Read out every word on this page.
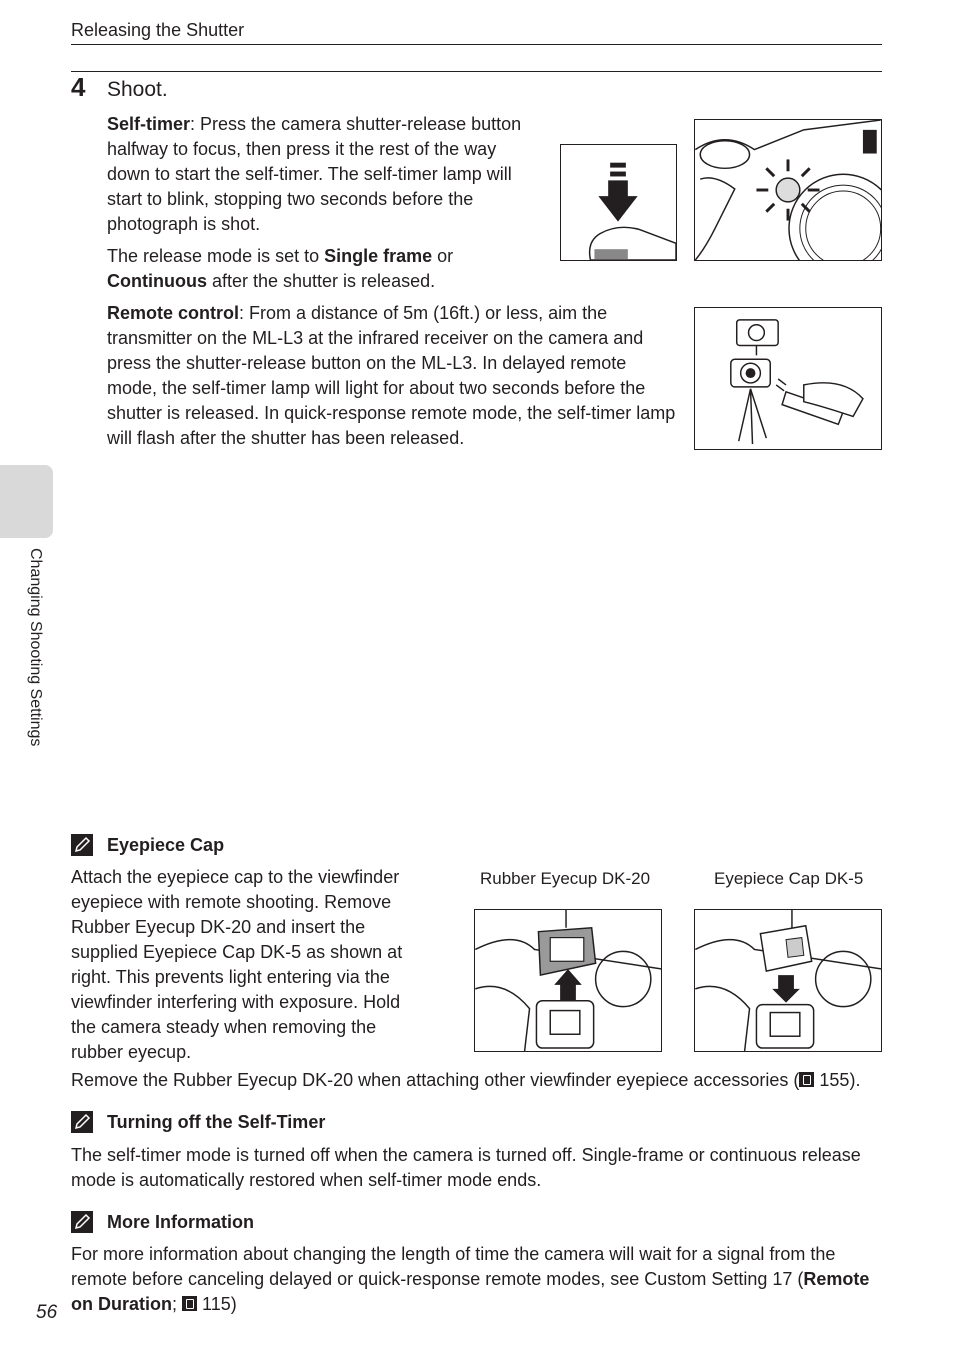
Releasing the Shutter
4 Shoot.
Self-timer: Press the camera shutter-release button halfway to focus, then press it the rest of the way down to start the self-timer. The self-timer lamp will start to blink, stopping two seconds before the photograph is shot.
The release mode is set to Single frame or
Continuous after the shutter is released.
Remote control: From a distance of 5m (16ft.) or less, aim the transmitter on the ML-L3 at the infrared receiver on the camera and press the shutter-release button on the ML-L3. In delayed remote mode, the self-timer lamp will light for about two seconds before the shutter is released. In quick-response remote mode, the self-timer lamp will flash after the shutter has been released.
Changing Shooting Settings
Eyepiece Cap
Attach the eyepiece cap to the viewfinder eyepiece with remote shooting. Remove Rubber Eyecup DK-20 and insert the supplied Eyepiece Cap DK-5 as shown at right. This prevents light entering via the viewfinder interfering with exposure. Hold the camera steady when removing the rubber eyecup.
Rubber Eyecup DK-20	Eyepiece Cap DK-5
Remove the Rubber Eyecup DK-20 when attaching other viewfinder eyepiece accessories ( 155).
Turning off the Self-Timer
The self-timer mode is turned off when the camera is turned off. Single-frame or continuous release mode is automatically restored when self-timer mode ends.
More Information
For more information about changing the length of time the camera will wait for a signal from the remote before canceling delayed or quick-response remote modes, see Custom Setting 17 (Remote on Duration;  115)
56
